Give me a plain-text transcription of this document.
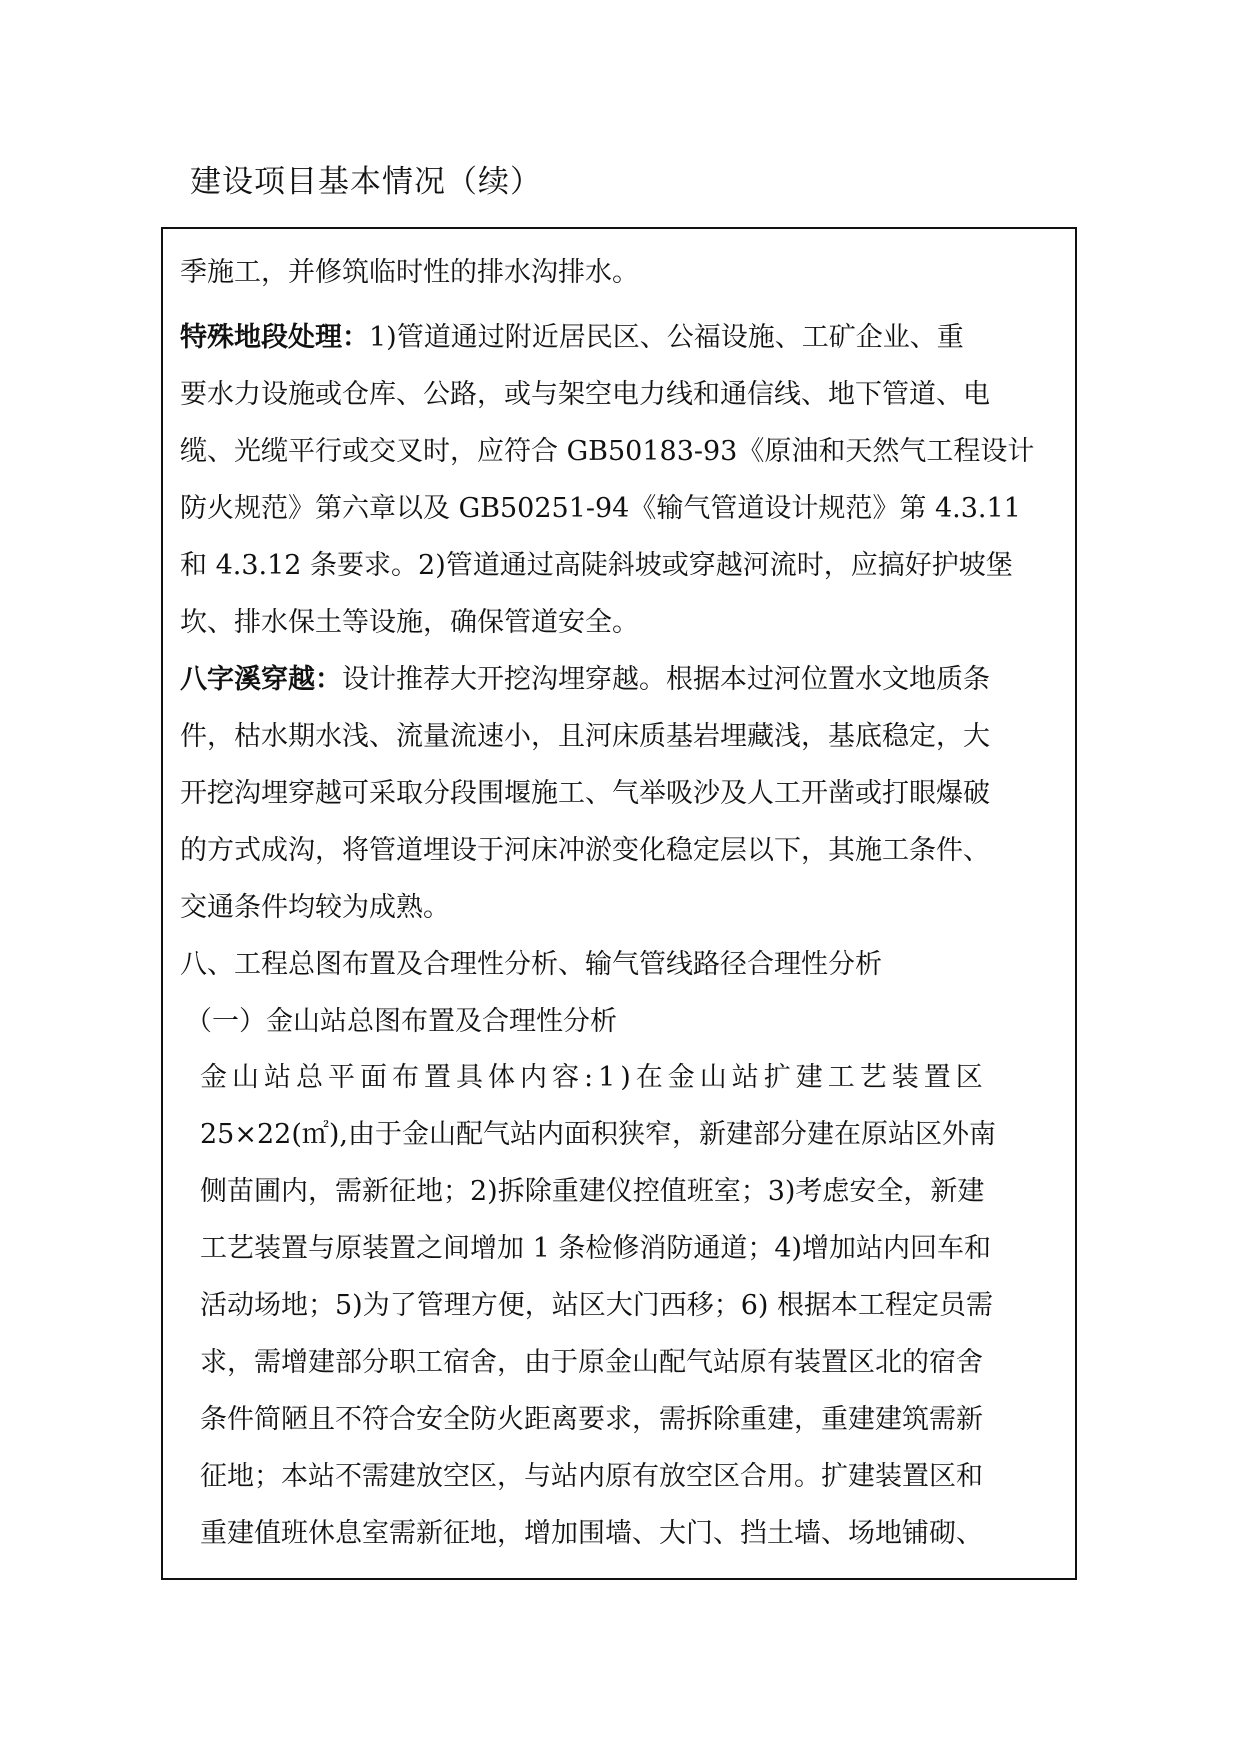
建设项目基本情况（续）
季施工，并修筑临时性的排水沟排水。
特殊地段处理：1)管道通过附近居民区、公福设施、工矿企业、重
要水力设施或仓库、公路，或与架空电力线和通信线、地下管道、电
缆、光缆平行或交叉时，应符合 GB50183-93《原油和天然气工程设计
防火规范》第六章以及 GB50251-94《输气管道设计规范》第 4.3.11
和 4.3.12 条要求。2)管道通过高陡斜坡或穿越河流时，应搞好护坡堡
坎、排水保土等设施，确保管道安全。
八字溪穿越：设计推荐大开挖沟埋穿越。根据本过河位置水文地质条
件，枯水期水浅、流量流速小，且河床质基岩埋藏浅，基底稳定，大
开挖沟埋穿越可采取分段围堰施工、气举吸沙及人工开凿或打眼爆破
的方式成沟，将管道埋设于河床冲淤变化稳定层以下，其施工条件、
交通条件均较为成熟。
八、工程总图布置及合理性分析、输气管线路径合理性分析
（一）金山站总图布置及合理性分析
金山站总平面布置具体内容:1)在金山站扩建工艺装置区
25×22(㎡),由于金山配气站内面积狭窄，新建部分建在原站区外南
侧苗圃内，需新征地；2)拆除重建仪控值班室；3)考虑安全，新建
工艺装置与原装置之间增加 1 条检修消防通道；4)增加站内回车和
活动场地；5)为了管理方便，站区大门西移；6) 根据本工程定员需
求，需增建部分职工宿舍，由于原金山配气站原有装置区北的宿舍
条件简陋且不符合安全防火距离要求，需拆除重建，重建建筑需新
征地；本站不需建放空区，与站内原有放空区合用。扩建装置区和
重建值班休息室需新征地，增加围墙、大门、挡土墙、场地铺砌、
